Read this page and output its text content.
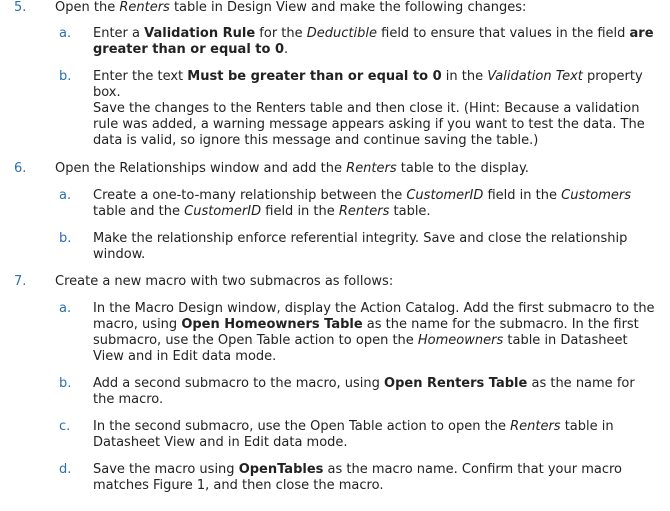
5. Open the Renters table in Design View and make the following changes:
a. Enter a Validation Rule for the Deductible field to ensure that values in the field are greater than or equal to 0.
b. Enter the text Must be greater than or equal to 0 in the Validation Text property box.
Save the changes to the Renters table and then close it. (Hint: Because a validation rule was added, a warning message appears asking if you want to test the data. The data is valid, so ignore this message and continue saving the table.)
6. Open the Relationships window and add the Renters table to the display.
a. Create a one-to-many relationship between the CustomerID field in the Customers table and the CustomerID field in the Renters table.
b. Make the relationship enforce referential integrity. Save and close the relationship window.
7. Create a new macro with two submacros as follows:
a. In the Macro Design window, display the Action Catalog. Add the first submacro to the macro, using Open Homeowners Table as the name for the submacro. In the first submacro, use the Open Table action to open the Homeowners table in Datasheet View and in Edit data mode.
b. Add a second submacro to the macro, using Open Renters Table as the name for the macro.
c. In the second submacro, use the Open Table action to open the Renters table in Datasheet View and in Edit data mode.
d. Save the macro using OpenTables as the macro name. Confirm that your macro matches Figure 1, and then close the macro.
